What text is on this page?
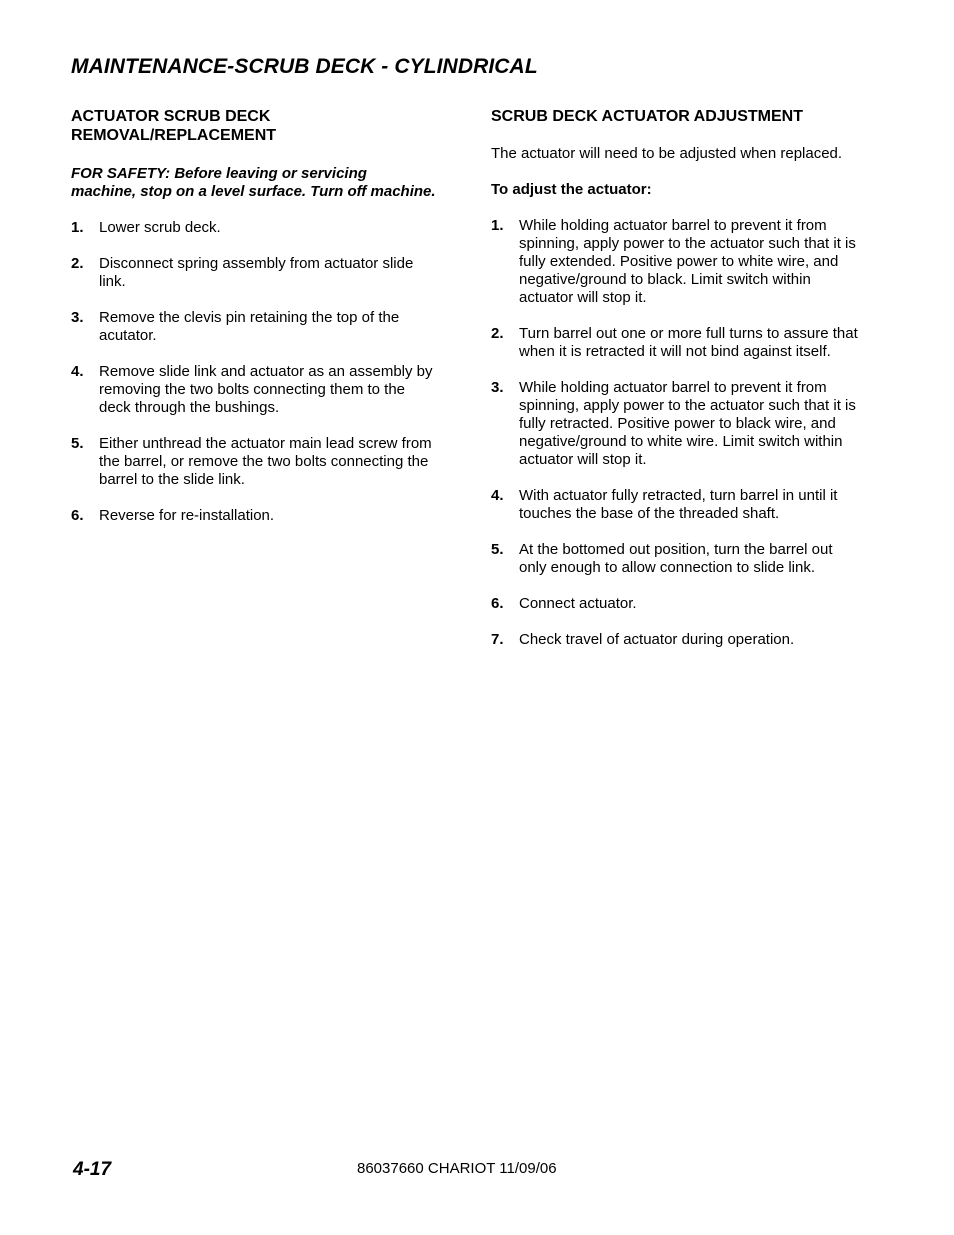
MAINTENANCE-SCRUB DECK - CYLINDRICAL
ACTUATOR SCRUB DECK
REMOVAL/REPLACEMENT

FOR SAFETY: Before leaving or servicing machine, stop on a level surface. Turn off machine.

1.	Lower scrub deck.
2.	Disconnect spring assembly from actuator slide link.
3.	Remove the clevis pin retaining the top of the acutator.
4.	Remove slide link and actuator as an assembly by removing the two bolts connecting them to the deck through the bushings.
5.	Either unthread the actuator main lead screw from the barrel, or remove the two bolts connecting the barrel to the slide link.
6.	Reverse for re-installation.
SCRUB DECK ACTUATOR ADJUSTMENT

The actuator will need to be adjusted when replaced.

To adjust the actuator:

1.	While holding actuator barrel to prevent it from spinning, apply power to the actuator such that it is fully extended. Positive power to white wire, and negative/ground to black. Limit switch within actuator will stop it.
2.	Turn barrel out one or more full turns to assure that when it is retracted it will not bind against itself.
3.	While holding actuator barrel to prevent it from spinning, apply power to the actuator such that it is fully retracted. Positive power to black wire, and negative/ground to white wire. Limit switch within actuator will stop it.
4.	With actuator fully retracted, turn barrel in until it touches the base of the threaded shaft.
5.	At the bottomed out position, turn the barrel out only enough to allow connection to slide link.
6.	Connect actuator.
7.	Check travel of actuator during operation.
4-17	86037660 CHARIOT 11/09/06
